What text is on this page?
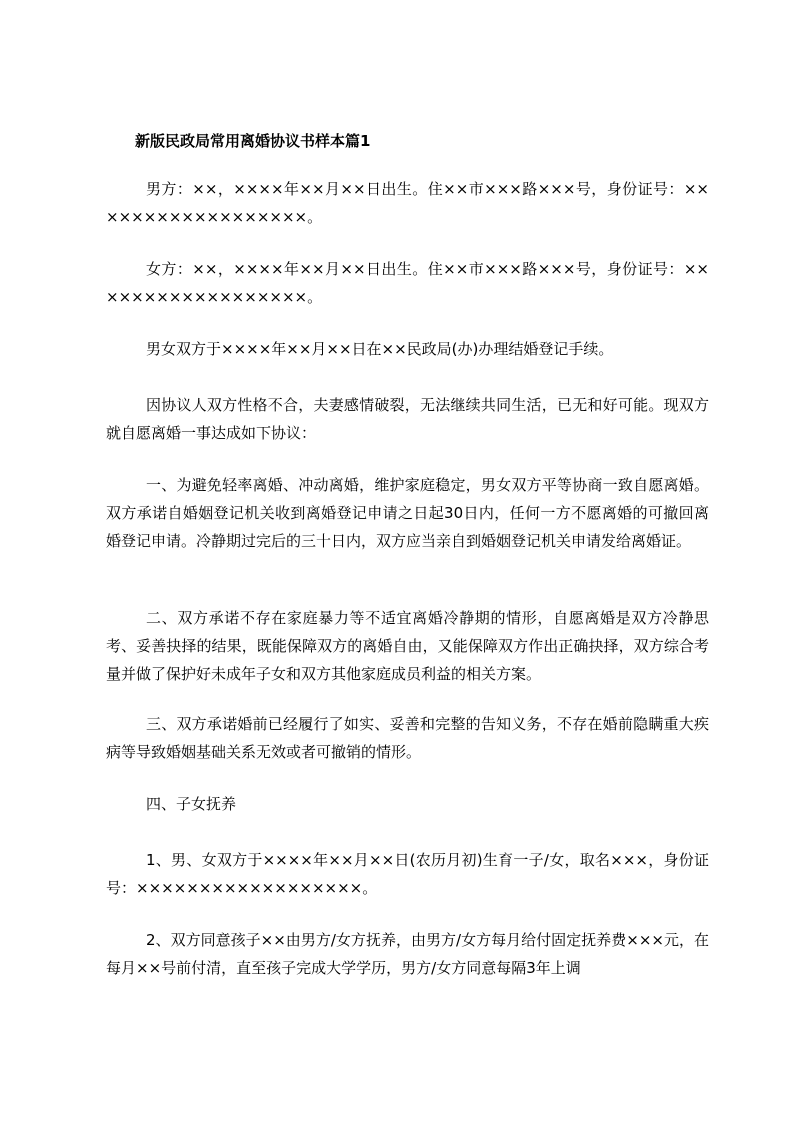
新版民政局常用离婚协议书样本篇1

男方：××，××××年××月××日出生。住××市×××路×××号，身份证号：××××××××××××××××××。

女方：××，××××年××月××日出生。住××市×××路×××号，身份证号：××××××××××××××××××。

男女双方于××××年××月××日在××民政局(办)办理结婚登记手续。

因协议人双方性格不合，夫妻感情破裂，无法继续共同生活，已无和好可能。现双方就自愿离婚一事达成如下协议：

一、为避免轻率离婚、冲动离婚，维护家庭稳定，男女双方平等协商一致自愿离婚。双方承诺自婚姻登记机关收到离婚登记申请之日起30日内，任何一方不愿离婚的可撤回离婚登记申请。冷静期过完后的三十日内，双方应当亲自到婚姻登记机关申请发给离婚证。

二、双方承诺不存在家庭暴力等不适宜离婚冷静期的情形，自愿离婚是双方冷静思考、妥善抉择的结果，既能保障双方的离婚自由，又能保障双方作出正确抉择，双方综合考量并做了保护好未成年子女和双方其他家庭成员利益的相关方案。

三、双方承诺婚前已经履行了如实、妥善和完整的告知义务，不存在婚前隐瞒重大疾病等导致婚姻基础关系无效或者可撤销的情形。

四、子女抚养

1、男、女双方于××××年××月××日(农历月初)生育一子/女，取名×××，身份证号：××××××××××××××××××。

2、双方同意孩子××由男方/女方抚养，由男方/女方每月给付固定抚养费×××元，在每月××号前付清，直至孩子完成大学学历，男方/女方同意每隔3年上调
